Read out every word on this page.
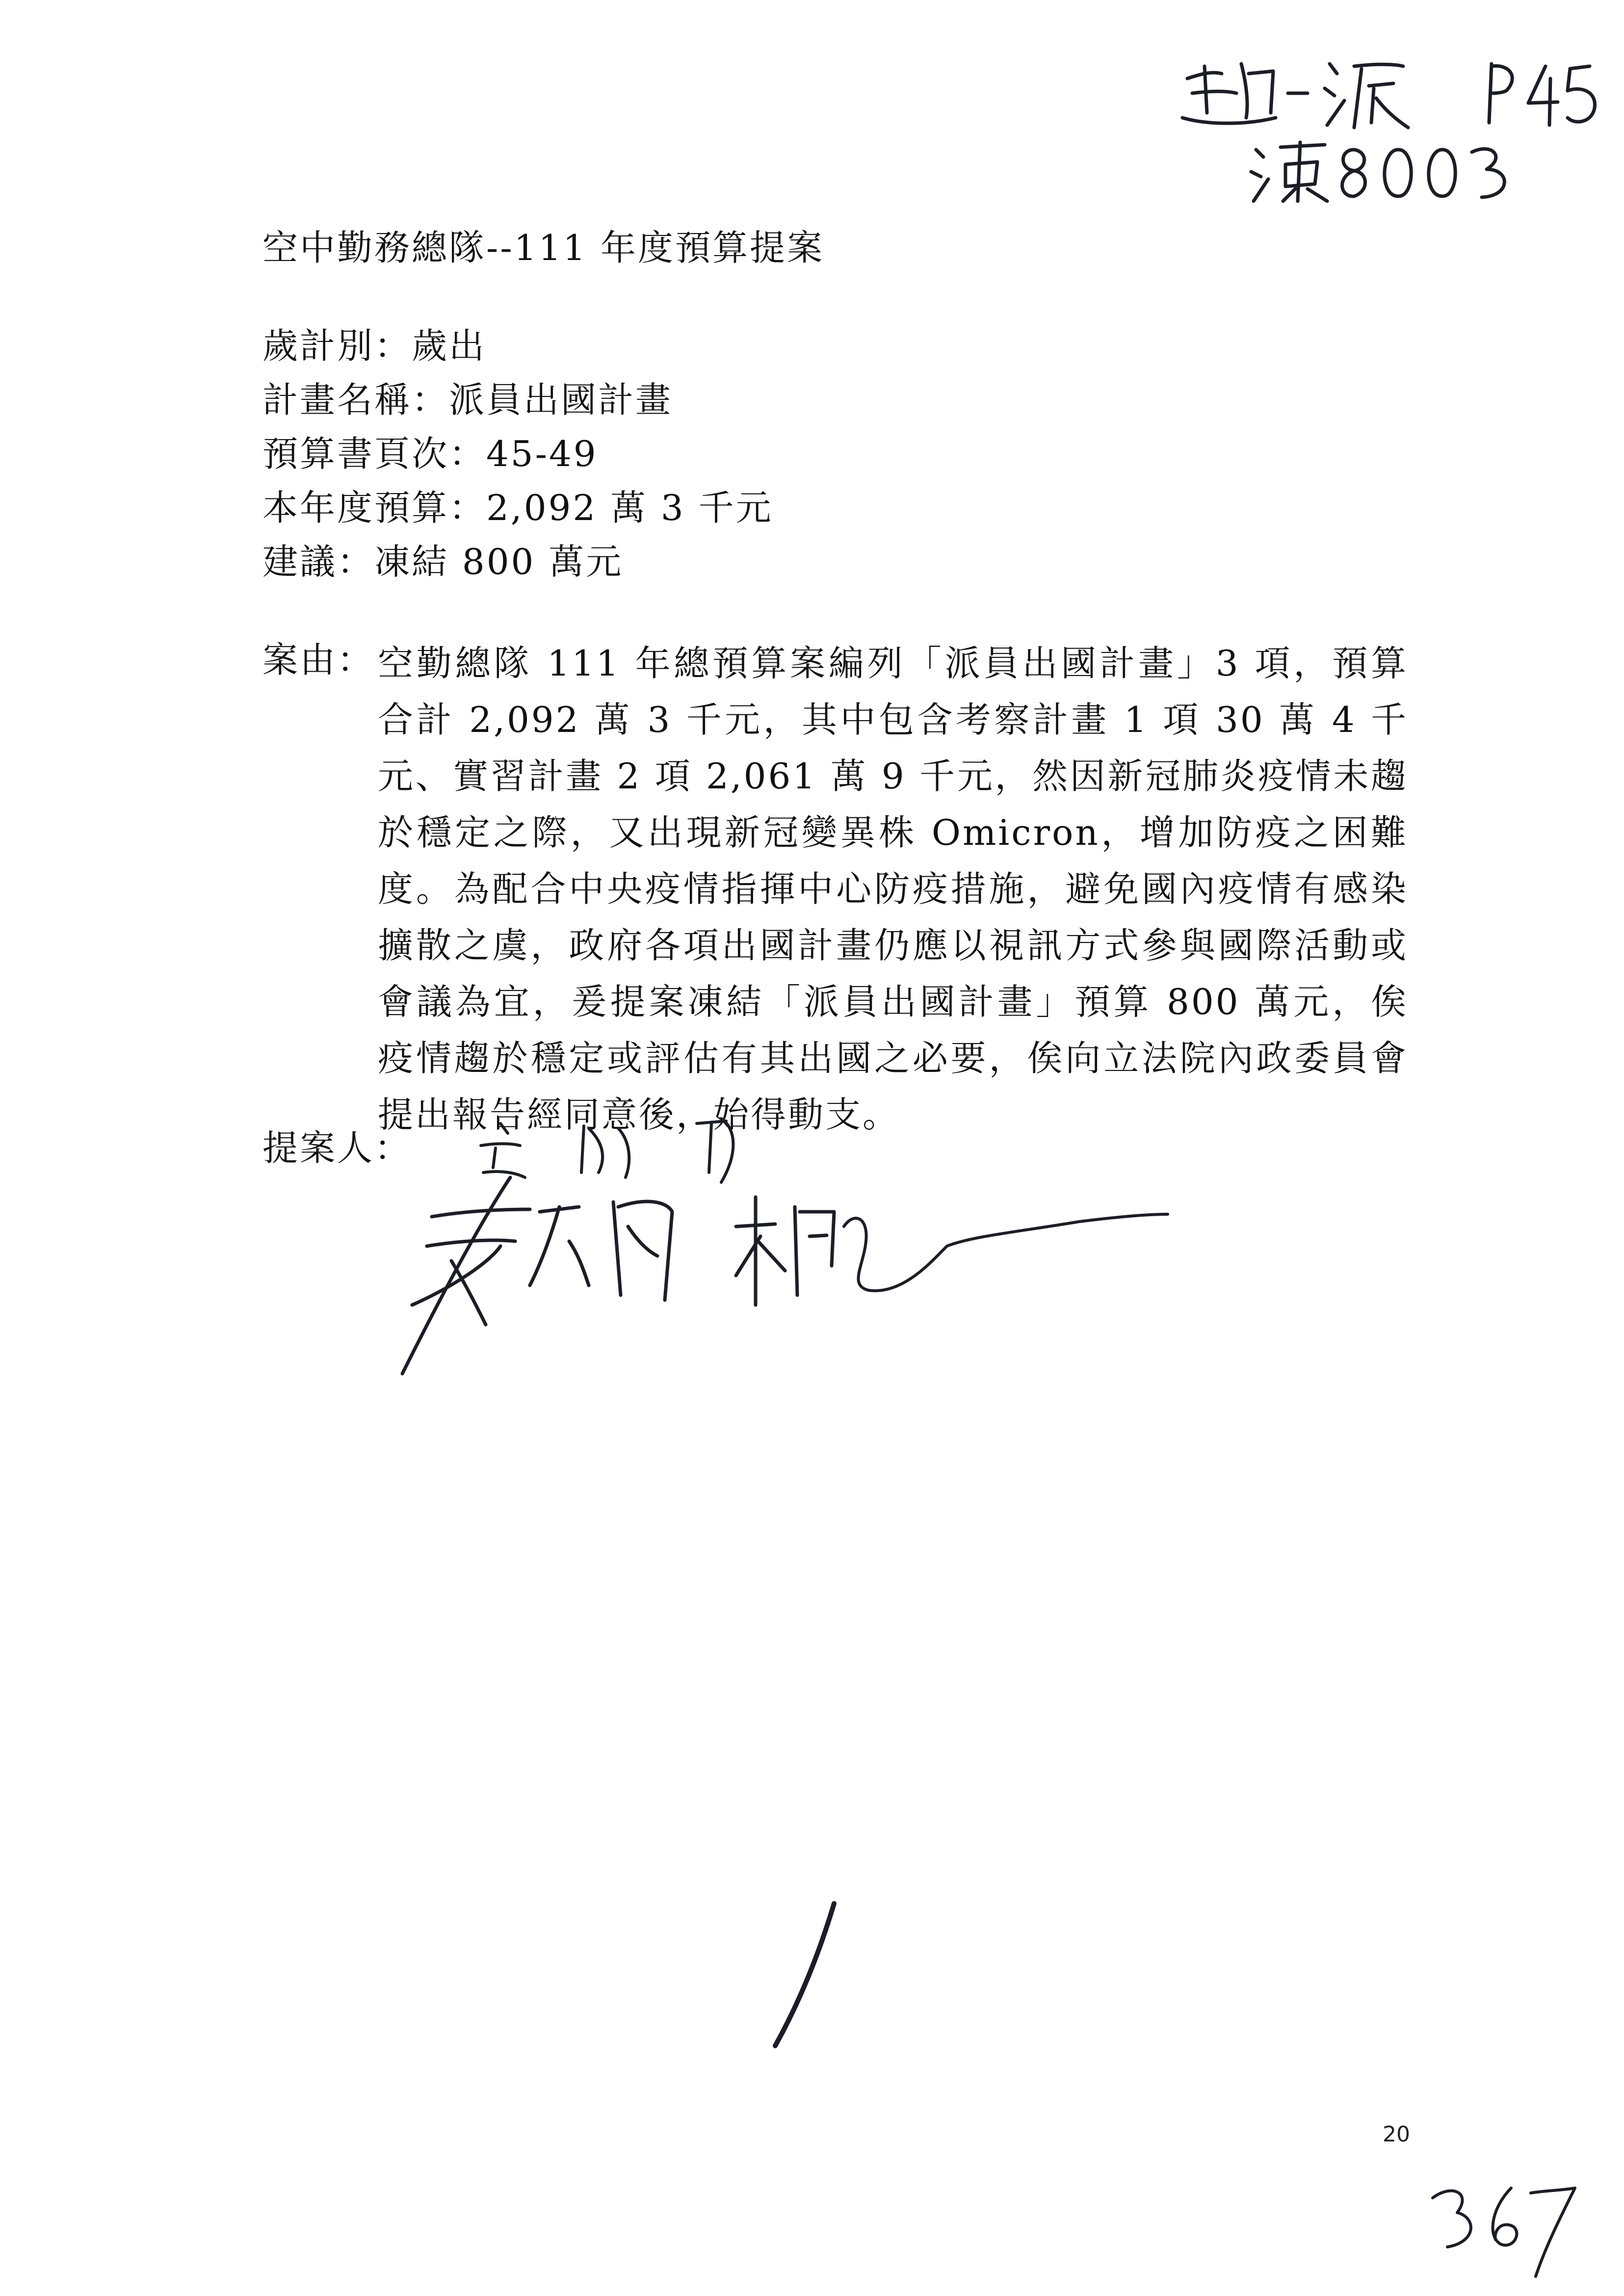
空中勤務總隊--111 年度預算提案
歲計別：歲出
計畫名稱：派員出國計畫
預算書頁次：45-49
本年度預算：2,092 萬 3 千元
建議：凍結 800 萬元
案由： 空勤總隊 111 年總預算案編列「派員出國計畫」3 項，預算合計 2,092 萬 3 千元，其中包含考察計畫 1 項 30 萬 4 千元、實習計畫 2 項 2,061 萬 9 千元，然因新冠肺炎疫情未趨於穩定之際，又出現新冠變異株 Omicron，增加防疫之困難度。為配合中央疫情指揮中心防疫措施，避免國內疫情有感染擴散之虞，政府各項出國計畫仍應以視訊方式參與國際活動或會議為宜，爰提案凍結「派員出國計畫」預算 800 萬元，俟疫情趨於穩定或評估有其出國之必要，俟向立法院內政委員會提出報告經同意後，始得動支。
提案人：
20
